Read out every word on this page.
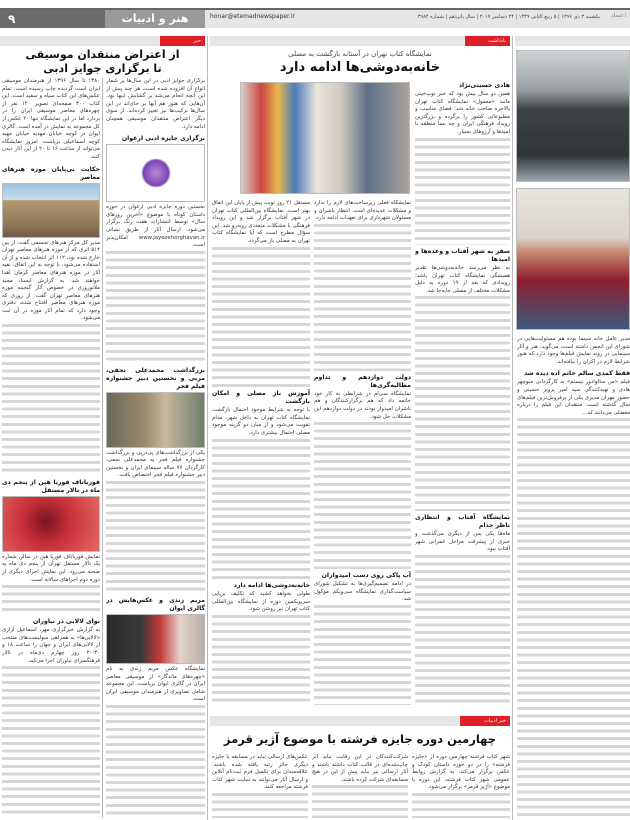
۹	هنر و ادبیات	honar@etemadnewspaper.ir	یکشنبه ۳ دی ۱۳۹۶ | ۵ ربیع الثانی ۱۴۳۹ | ۲۴ دسامبر ۲۰۱۷ | سال پانزدهم | شماره ۳۹۸۴ اعتماد
خبر
از اعتراض منتقدان موسیقی
تا برگزاری جوایز ادبی

۱۳۸۰ تا سال ۱۳۹۶ از هنرمندان موسیقی ایران است گردیده چاپ رسیده است. تمام عکس‌های این کتاب سیاه و سفید است. این کتاب ۳۰۰ صفحه‌ای تصویر ۱۲۰ نفر از چهره‌های معاصر موسیقی ایران را در بردارد اما در این نمایشگاه تنها ۴۰ عکس از کل مجموعه به نمایش در آمده است. گالری ایوان در کوچه خیابان مهدیه خیابان جهبه کوچه اسماعیلی برپاست. امروز نمایشگاه می‌تواند از ساعت ۱۶ تا ۲۰ از این آثار دیدن کنند.

حکایت بی‌پایان موزه هنرهای معاصر

مدیر کل مرکز هنرهای تجسمی گفت: از بین ۵۱۴ اثری که از موزه هنرهای معاصر تهران خارج شده بود، ۱۱۲ اثر انتخاب شده و از آن استفاده می‌شود. با توجه به این اتفاق، بقیه آثار در موزه هنرهای معاصر کرمان اهدا خواهند شد. به گزارش ایسنا، مجید ملانوروزی در خصوص آثار گنجینه موزه هنرهای معاصر تهران گفت: از روزی که موزه هنرهای معاصر افتتاح شده، دفتری وجود دارد که تمام آثار موزه در آن ثبت می‌شود.

فوریاتاف فوریا هین از پنجم دی ماه در تالار مستقل

نمایش فوریاتاف فوریا هین در سالن شماره یک تالار مستقل تهران از پنجم دی ماه به صحنه می‌رود. این نمایش اجرای دیگری از دوره دوم اجراهای سالانه است.

نوای لالایی در نیاوران

به گزارش خبرگزاری مهر، اسماعیل آزاری «لالایی‌ها» به همراهی سولیست‌های منتخب از لالایی‌های ایران و جهان را ساعت ۱۸ و ۲۰:۳۰ روز چهارم دی‌ماه در تالار فرهنگسرای نیاوران اجرا می‌کند.

برگزاری جوایز ادبی در این سال‌ها بر شمار انواع آن افزوده شده است، هر چند پیش از این آنچه انجام می‌شد بر گشایش اینها بود. آن‌هایی که هنوز هم آنها بر جای‌اند در این سال‌ها ترکیب‌ها نیز تغییر کرده‌اند. از سوی دیگر اعتراض منتقدان موسیقی همچنان ادامه دارد.

برگزاری جایزه ادبی ارغوان

نخستین دوره جایزه ادبی ارغوان در حوزه داستان کوتاه با موضوع «آخرین روزهای سال» توسط انتشارات هفت رنگ برگزار می‌شود. ارسال آثار از طریق نشانی www.jayezehorghavan.ir امکان‌پذیر است.

بزرگداشت محمدعلی نجفی، مربی و نخستین دبیر جشنواره فیلم فجر

یکی از بزرگداشت‌های پی‌درپی و بزرگداشت جشنواره فیلم فجر به محمدعلی نجفی، کارگردان ۷۷ ساله سینمای ایران و نخستین دبیر جشنواره فیلم فجر اختصاص یافت.

مریم زندی و عکس‌هایش در گالری ایوان

نمایشگاه عکس مریم زندی به نام «چهره‌های ماندگار» از موسیقی معاصر ایران در گالری ایوان برپاست. این مجموعه شامل تصاویری از هنرمندان موسیقی ایران است.

یادداشت
نمایشگاه کتاب تهران در آستانه بازگشت به مصلی
خانه‌به‌دوشی‌ها ادامه دارد

مستقل ۲۱ روز نوبت پیش از پایان این اتفاق بهتر است. نمایشگاه بین‌المللی کتاب تهران در شهر آفتاب برگزار شد و این رویداد فرهنگی با مشکلات متعددی روبه‌رو شد. این سؤال مطرح است که آیا نمایشگاه کتاب تهران به مصلی باز می‌گردد.

آموزش باز مصلی و امکان بازگشت

با توجه به شرایط موجود احتمال بازگشت نمایشگاه کتاب تهران به داخل شهر، مدام تقویت می‌شود و از میان دو گزینه موجود مصلی احتمال بیشتری دارد.

خانه‌به‌دوشی‌ها ادامه دارد

طولی نخواهد کشید که تکلیف برپایی سی‌ویکمین دوره از نمایشگاه بین‌المللی کتاب تهران نیز روشن شود.

نمایشگاه فعلی زیرساخت‌های لازم را ندارد و مشکلات عدیده‌ای است. انتظار ناشران و مسئولان شهرداری برای تعهدات ادامه دارد.

دولت دوازدهم و تداوم مطالبه‌گری‌ها

نمایشگاه سی‌ام در شرایطی به کار خود خاتمه داد که هم برگزارکنندگان و هم ناشران امیدوار بودند در دولت دوازدهم این مشکلات حل شود.

آب پاکی روی دست امیدواران

در ادامه تصمیم‌گیری‌ها به تشکیل شورای سیاست‌گذاری نمایشگاه سی‌ویکم موکول شد.

هادی حسینی‌نژاد

همین دو سال پیش بود که خبر توپ‌خیتی مانند «معمول» نمایشگاه کتاب تهران بالاخره صاحب خانه شد؛ فضای مناسب و مطبوعاتی کشور را برگرده و بزرگترین رویداد فرهنگی ایران و چه بسا منطقه با امیدها و آرزوهای بسیار.

سفر به شهر آفتاب و وعده‌ها و امیدها

به نظر می‌رسد خانه‌به‌دوشی‌ها تقدیر همیشگی نمایشگاه کتاب تهران باشد؛ رویدادی که بعد از ۱۹ دوره به دلیل مشکلات مختلف از مصلی جابه‌جا شد.

نمایشگاه آفتاب و انتظاری ناظر جدام

ماه‌ها یکی پس از دیگری می‌گذشت و خبری از پیشرفت مراحل عمرانی شهر آفتاب نبود.

خبر ادبیات
چهارمین دوره جایزه فرشته با موضوع آژیر قرمز

شهر کتاب فرشته چهارمین دوره از «جایزه فرشته» را در دو حوزه داستان کودک و عکس برگزار می‌کند. به گزارش روابط عمومی شهر کتاب فرشته، این دوره با موضوع «آژیر قرمز» برگزار می‌شود.

شرکت‌کنندگان در این رقابت نباید اثر چاپ‌شده‌ای در قالب کتاب داشته باشند و آثار ارسالی نیز نباید پیش از این در هیچ مسابقه‌ای شرکت کرده باشند.

عکس‌های ارسالی نباید در مسابقه یا جایزه دیگری حائز رتبه یافته شده باشند. علاقه‌مندان برای تکمیل فرم ثبت‌نام آنلاین و ارسال آثار می‌توانند به سایت شهر کتاب فرشته مراجعه کنند.

مدیر عامل خانه سینما بوده هم مسئولیت‌هایی در شورای این انجمن داشته است، می‌گوید: هنر و آثار سینمایی در روند نمایش فیلم‌ها وجود دارد که هنوز شرایط لازم در اکران را نیافته‌اند.

فقط کمدی سالم خاتم اده دیده شد

فیلم «من سالوادور نیستم» به کارگردانی منوچهر هادی و تهیه‌کنندگی سید امیر پرویز حسینی و حضور مهران مدیری یکی از پرفروش‌ترین فیلم‌های سال گذشته است. منتقدان این فیلم را درباره معضلی می‌دانند که...
